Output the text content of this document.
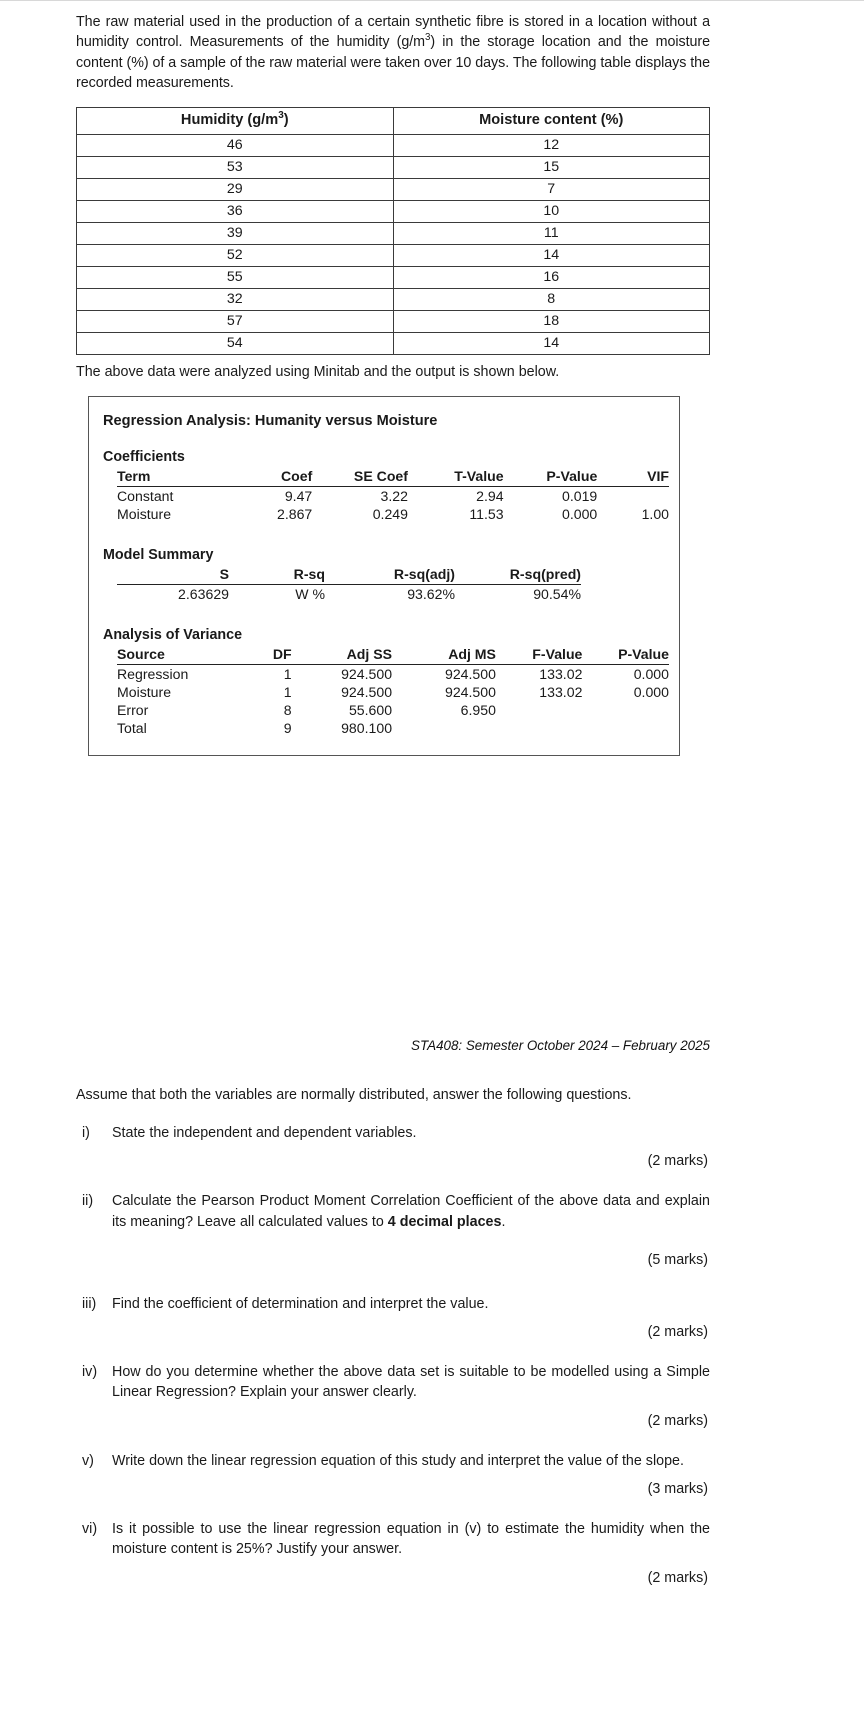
The raw material used in the production of a certain synthetic fibre is stored in a location without a humidity control. Measurements of the humidity $(g/m^3)$ in the storage location and the moisture content (%) of a sample of the raw material were taken over 10 days. The following table displays the recorded measurements.

Humidity $(g/m^3)$	Moisture content (%)
46	12
53	15
29	7
36	10
39	11
52	14
55	16
32	8
57	18
54	14

The above data were analyzed using Minitab and the output is shown below.

Regression Analysis: Humanity versus Moisture
Coefficients
Term	Coef	SE Coef	T-Value	P-Value	VIF
Constant	9.47	3.22	2.94	0.019	
Moisture	2.867	0.249	11.53	0.000	1.00
Model Summary
S	R-sq	R-sq(adj)	R-sq(pred)
2.63629	W %	93.62%	90.54%
Analysis of Variance
Source	DF	Adj SS	Adj MS	F-Value	P-Value
Regression	1	924.500	924.500	133.02	0.000
Moisture	1	924.500	924.500	133.02	0.000
Error	8	55.600	6.950		
Total	9	980.100			
STA408: Semester October 2024 – February 2025

Assume that both the variables are normally distributed, answer the following questions.

i)	State the independent and dependent variables.
(2 marks)
ii)	Calculate the Pearson Product Moment Correlation Coefficient of the above data and explain its meaning? Leave all calculated values to 4 decimal places.
(5 marks)
iii)	Find the coefficient of determination and interpret the value.
(2 marks)
iv)	How do you determine whether the above data set is suitable to be modelled using a Simple Linear Regression? Explain your answer clearly.
(2 marks)
v)	Write down the linear regression equation of this study and interpret the value of the slope.
(3 marks)
vi)	Is it possible to use the linear regression equation in (v) to estimate the humidity when the moisture content is 25%? Justify your answer.
(2 marks)
